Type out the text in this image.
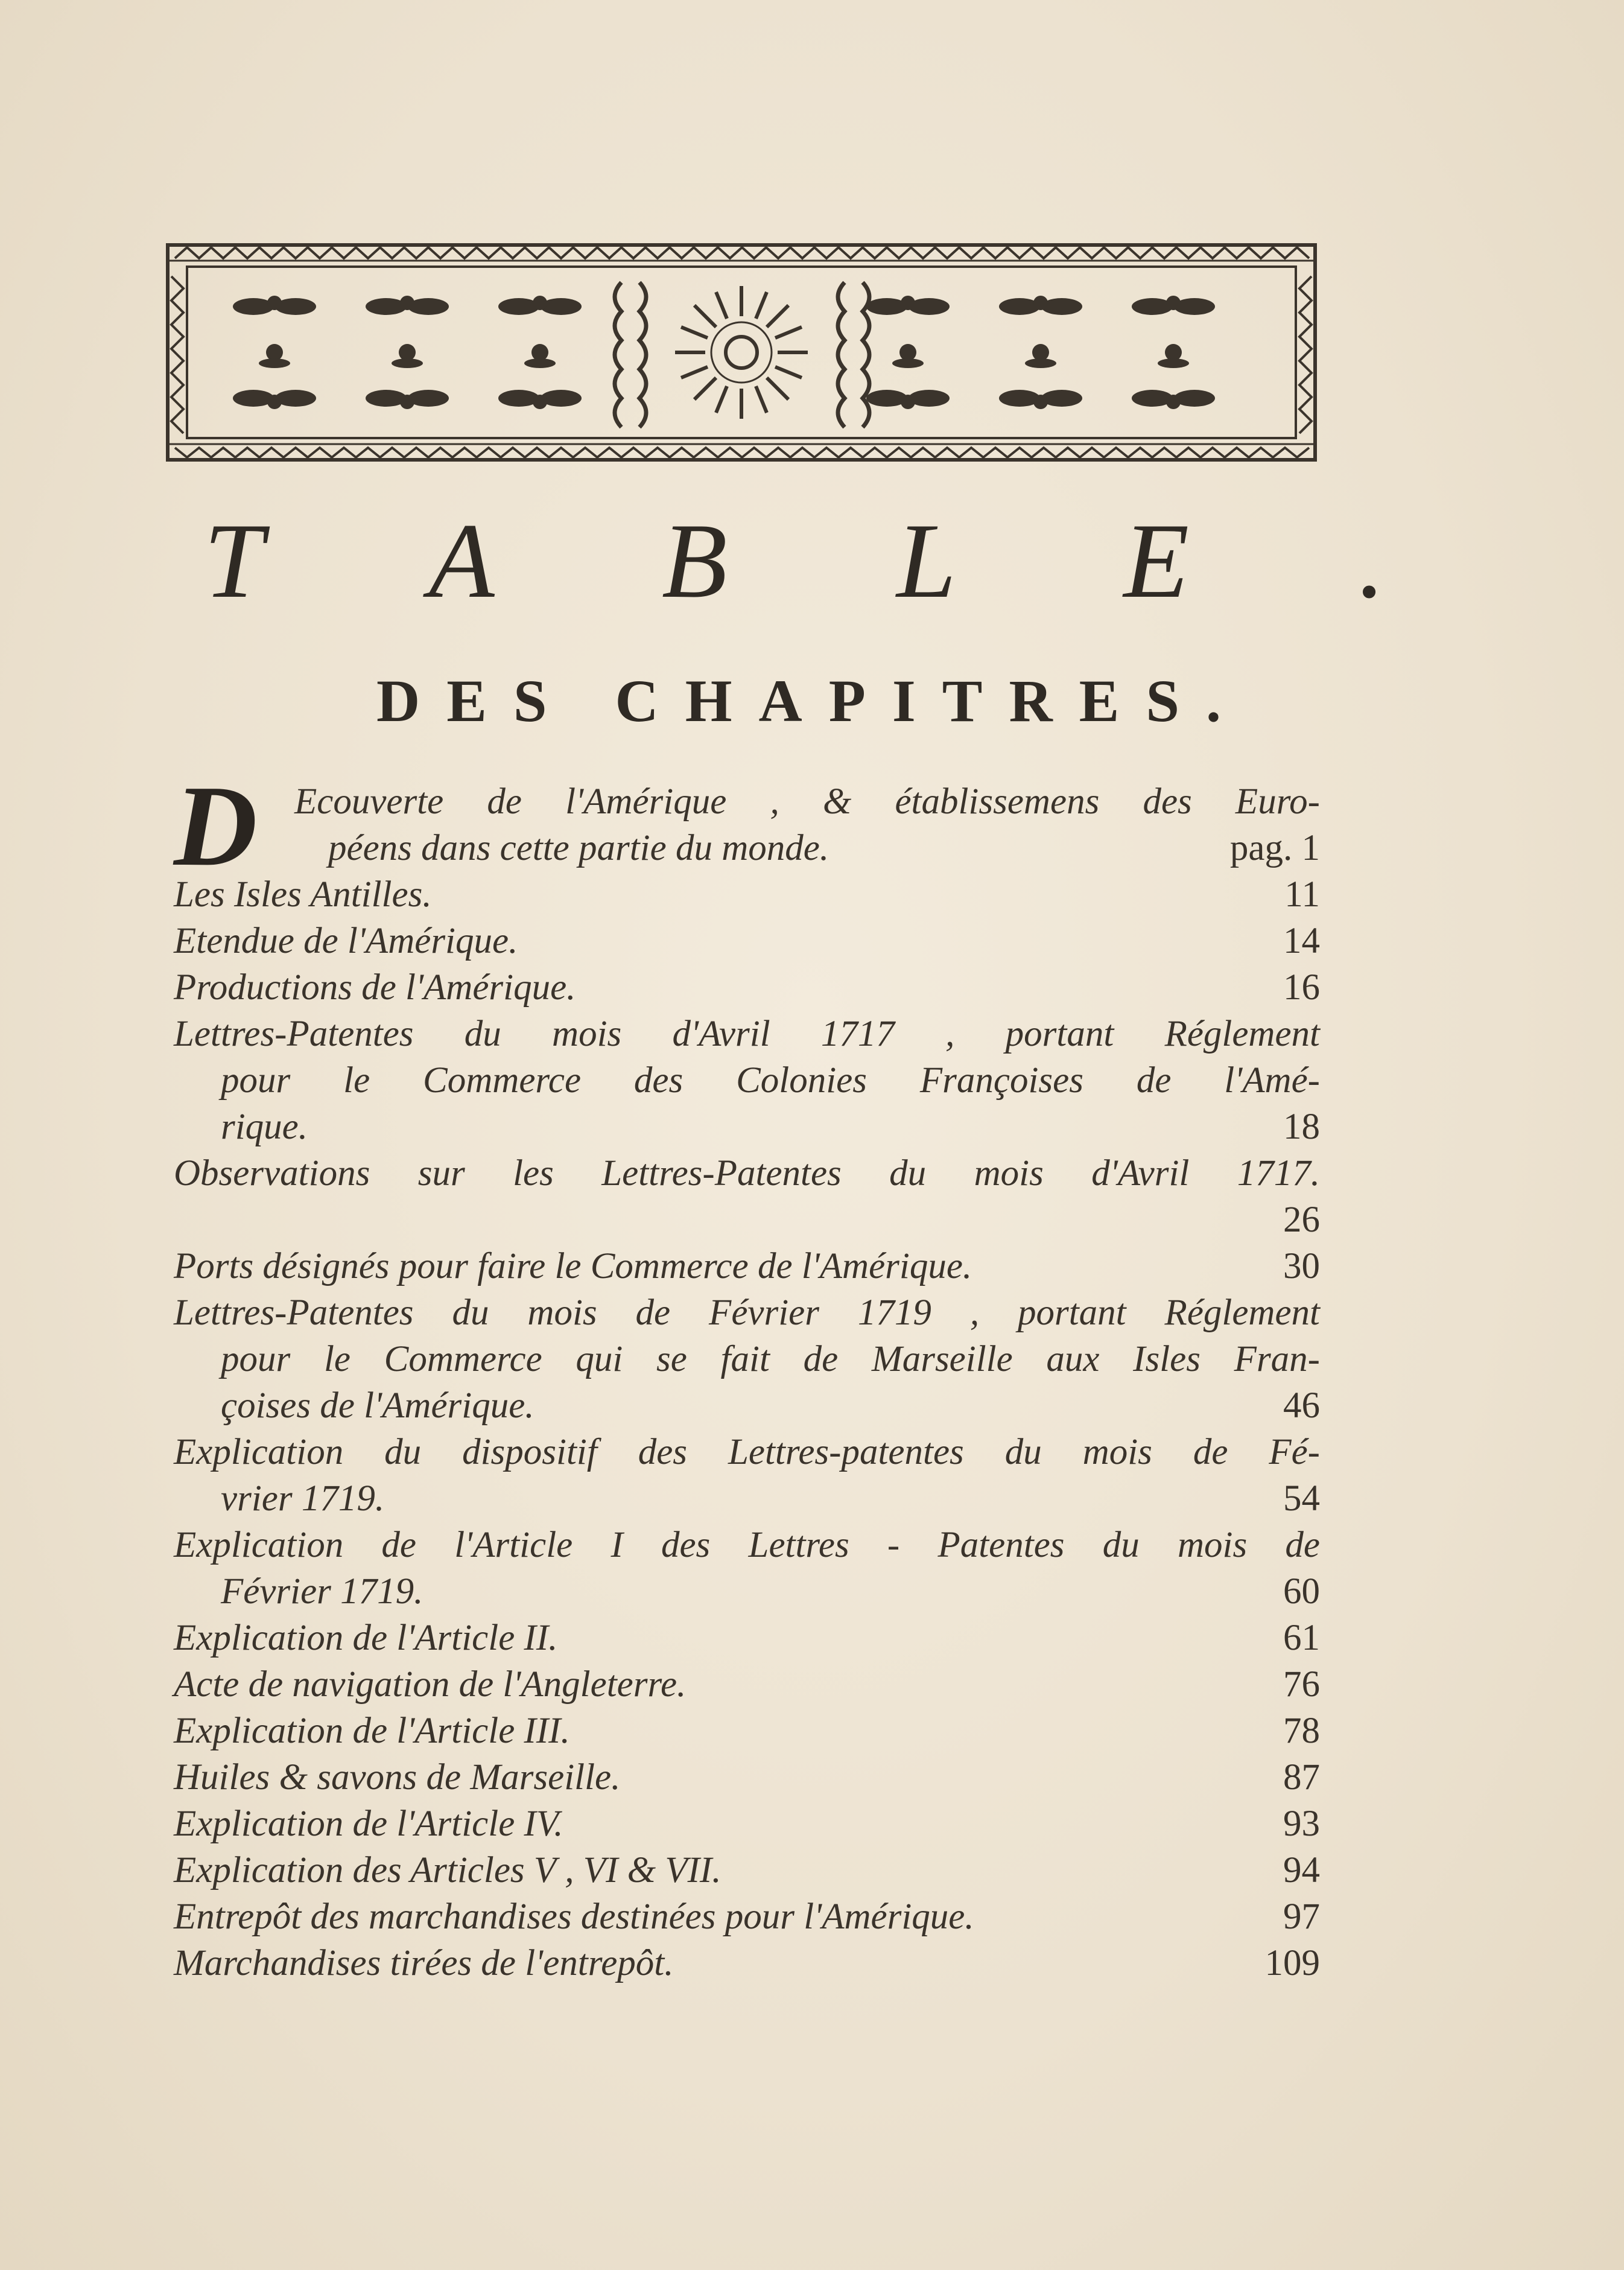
T A B L E .
DES CHAPITRES.
D	Ecouverte de l'Amérique , & établissemens des Euro-
péens dans cette partie du monde.	pag. 1
Les Isles Antilles.	11
Etendue de l'Amérique.	14
Productions de l'Amérique.	16
Lettres-Patentes du mois d'Avril 1717 , portant Réglement
pour le Commerce des Colonies Françoises de l'Amé-
rique.	18
Observations sur les Lettres-Patentes du mois d'Avril 1717.
26
Ports désignés pour faire le Commerce de l'Amérique.	30
Lettres-Patentes du mois de Février 1719 , portant Réglement
pour le Commerce qui se fait de Marseille aux Isles Fran-
çoises de l'Amérique.	46
Explication du dispositif des Lettres-patentes du mois de Fé-
vrier 1719.	54
Explication de l'Article I des Lettres - Patentes du mois de
Février 1719.	60
Explication de l'Article II.	61
Acte de navigation de l'Angleterre.	76
Explication de l'Article III.	78
Huiles & savons de Marseille.	87
Explication de l'Article IV.	93
Explication des Articles V , VI & VII.	94
Entrepôt des marchandises destinées pour l'Amérique.	97
Marchandises tirées de l'entrepôt.	109
